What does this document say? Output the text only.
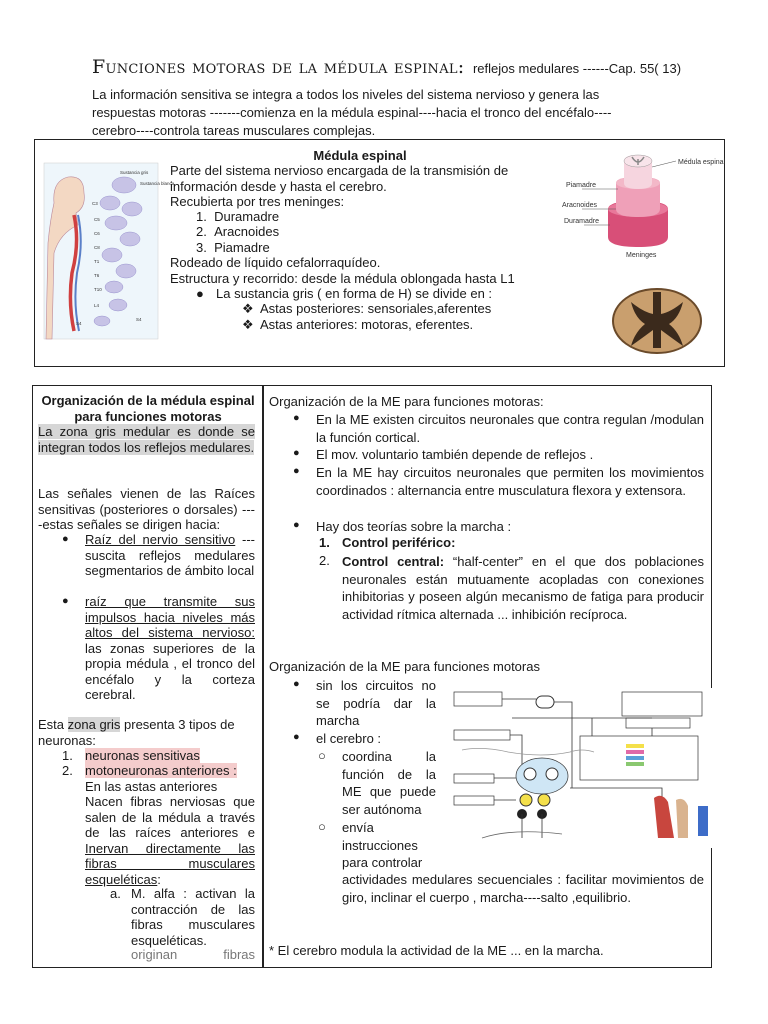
Funciones motoras de la médula espinal: reflejos medulares ------Cap. 55( 13)
La información sensitiva se integra a todos los niveles del sistema nervioso y genera las respuestas motoras -------comienza en la médula espinal----hacia el tronco del encéfalo----cerebro----controla tareas musculares complejas.
Sustancia gris
Sustancia blanca
C3
C5
C6
C8
T1
T6
T10
L4
S4
S4
Médula espinal
Parte del sistema nervioso encargada de la transmisión de información desde y hasta el cerebro.
Recubierta por tres meninges:
1.  Duramadre
2.  Aracnoides
3.  Piamadre
Rodeado de líquido cefalorraquídeo.
Estructura y recorrido: desde la médula oblongada hasta L1
● La sustancia gris ( en forma de H) se divide en :
❖ Astas posteriores: sensoriales,aferentes
❖ Astas anteriores: motoras, eferentes.
Médula espinal
Piamadre
Aracnoides
Duramadre
Meninges
Organización de la médula espinal para funciones motoras
La zona gris medular es donde se integran todos los reflejos medulares.
Las señales vienen de las Raíces sensitivas (posteriores o dorsales) ----estas señales se dirigen hacia:
● Raíz del nervio sensitivo ---suscita reflejos medulares segmentarios de ámbito local
● raíz que transmite sus impulsos hacia niveles más altos del sistema nervioso: las zonas superiores de la propia médula , el tronco del encéfalo y la corteza cerebral.
Esta zona gris presenta 3 tipos de neuronas:
1. neuronas sensitivas
2. motoneuronas anteriores :
En las astas anteriores
Nacen fibras nerviosas que salen de la médula a través de las raíces anteriores e Inervan directamente las fibras musculares esqueléticas:
a. M. alfa : activan la contracción de las fibras musculares esqueléticas.
originan fibras
Organización de la ME para funciones motoras:
● En la ME existen circuitos neuronales que contra regulan /modulan la función cortical.
● El mov. voluntario también depende de reflejos .
● En la ME hay circuitos neuronales que permiten los movimientos coordinados : alternancia entre musculatura flexora y extensora.
● Hay dos teorías sobre la marcha :
1. Control periférico:
2. Control central: “half-center” en el que dos poblaciones neuronales están mutuamente acopladas con conexiones inhibitorias y poseen algún mecanismo de fatiga para producir actividad rítmica alternada ... inhibición recíproca.
Organización de la ME para funciones motoras
● sin los circuitos no se podría dar la marcha
● el cerebro :
○ coordina la función de la ME que puede ser autónoma
○ envía instrucciones para controlar
actividades medulares secuenciales : facilitar movimientos de giro, inclinar el cuerpo , marcha----salto ,equilibrio.
* El cerebro modula la actividad de la ME ... en la marcha.
